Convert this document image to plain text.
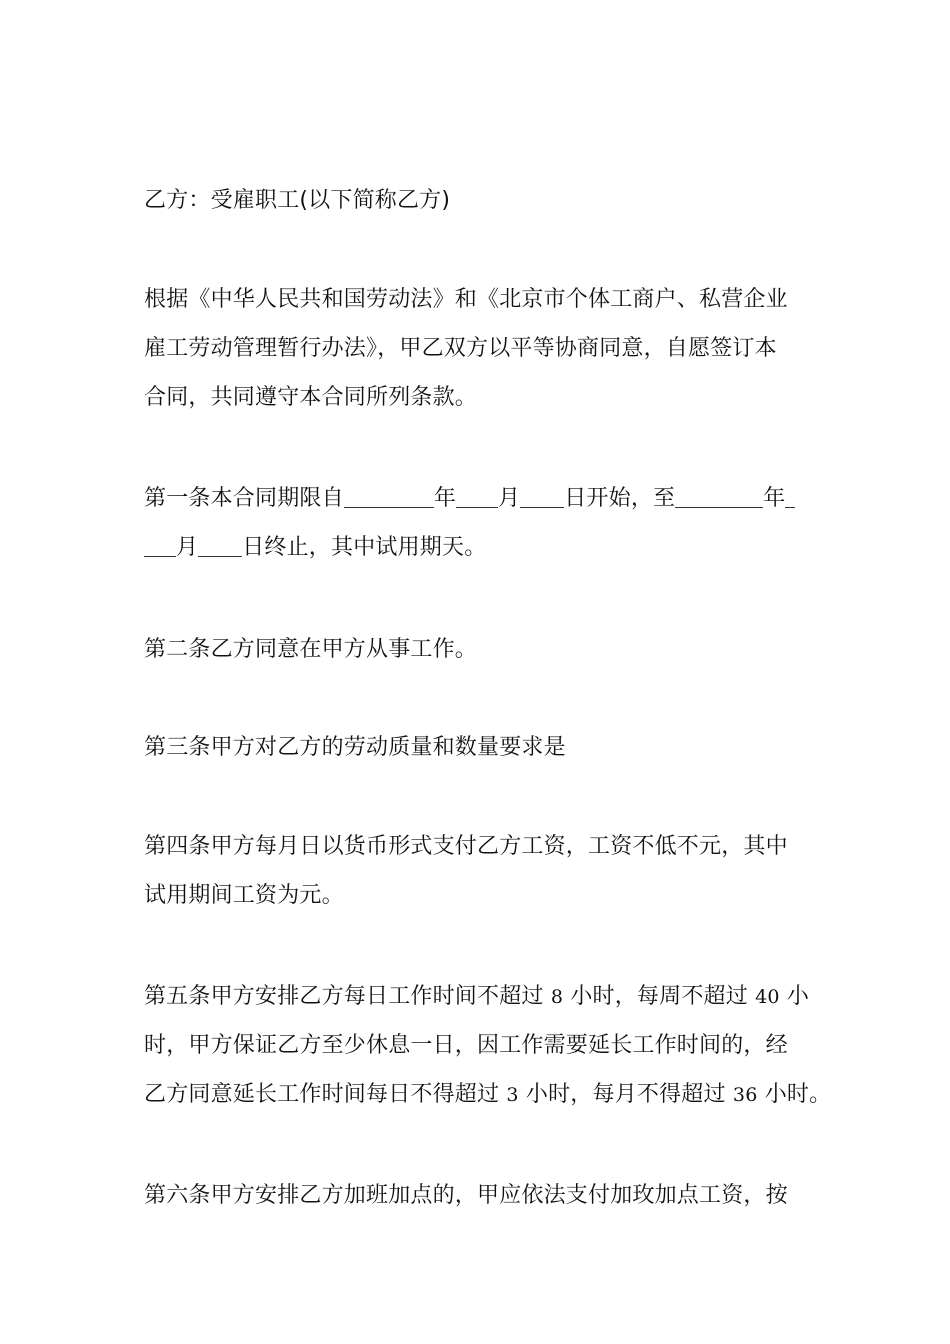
乙方：受雇职工(以下简称乙方)

根据《中华人民共和国劳动法》和《北京市个体工商户、私营企业
雇工劳动管理暂行办法》，甲乙双方以平等协商同意，自愿签订本
合同，共同遵守本合同所列条款。

第一条本合同期限自	年 月 日开始，至	年
月 日终止，其中试用期天。

第二条乙方同意在甲方从事工作。

第三条甲方对乙方的劳动质量和数量要求是

第四条甲方每月日以货币形式支付乙方工资，工资不低不元，其中
试用期间工资为元。

第五条甲方安排乙方每日工作时间不超过 8 小时，每周不超过 40 小
时，甲方保证乙方至少休息一日，因工作需要延长工作时间的，经
乙方同意延长工作时间每日不得超过 3 小时，每月不得超过 36 小时。

第六条甲方安排乙方加班加点的，甲应依法支付加玫加点工资，按
